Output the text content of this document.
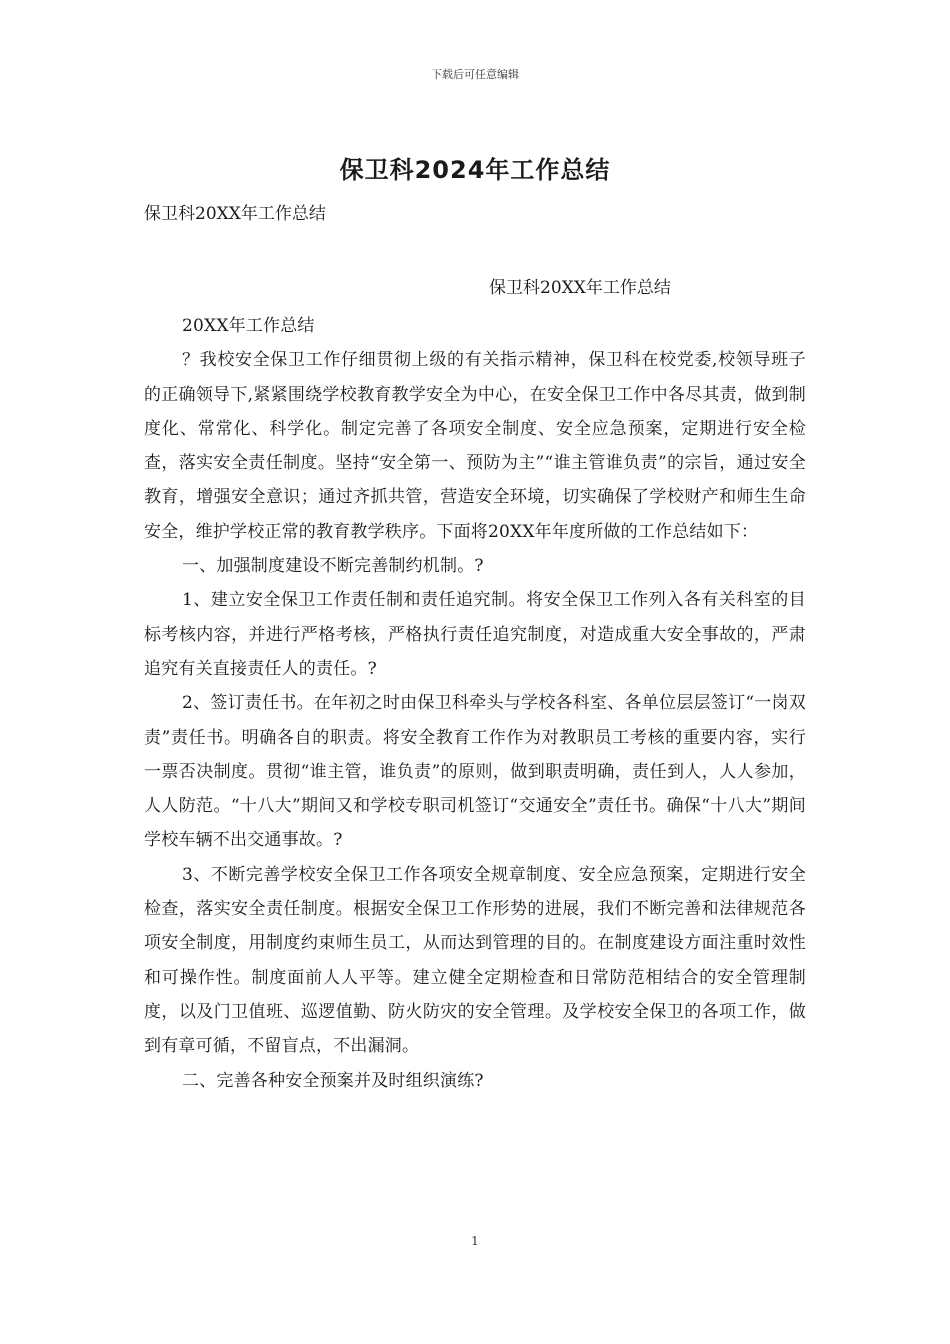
下载后可任意编辑
保卫科2024年工作总结
保卫科20XX年工作总结
保卫科20XX年工作总结

20XX年工作总结

？我校安全保卫工作仔细贯彻上级的有关指示精神，保卫科在校党委,校领导班子的正确领导下,紧紧围绕学校教育教学安全为中心，在安全保卫工作中各尽其责，做到制度化、常常化、科学化。制定完善了各项安全制度、安全应急预案，定期进行安全检查，落实安全责任制度。坚持“安全第一、预防为主”“谁主管谁负责”的宗旨，通过安全教育，增强安全意识；通过齐抓共管，营造安全环境，切实确保了学校财产和师生生命安全，维护学校正常的教育教学秩序。下面将20XX年年度所做的工作总结如下：

一、加强制度建设不断完善制约机制。?

1、建立安全保卫工作责任制和责任追究制。将安全保卫工作列入各有关科室的目标考核内容，并进行严格考核，严格执行责任追究制度，对造成重大安全事故的，严肃追究有关直接责任人的责任。?

2、签订责任书。在年初之时由保卫科牵头与学校各科室、各单位层层签订“一岗双责”责任书。明确各自的职责。将安全教育工作作为对教职员工考核的重要内容，实行一票否决制度。贯彻“谁主管，谁负责”的原则，做到职责明确，责任到人，人人参加，人人防范。“十八大”期间又和学校专职司机签订“交通安全”责任书。确保“十八大”期间学校车辆不出交通事故。?

3、不断完善学校安全保卫工作各项安全规章制度、安全应急预案，定期进行安全检查，落实安全责任制度。根据安全保卫工作形势的进展，我们不断完善和法律规范各项安全制度，用制度约束师生员工，从而达到管理的目的。在制度建设方面注重时效性和可操作性。制度面前人人平等。建立健全定期检查和日常防范相结合的安全管理制度，以及门卫值班、巡逻值勤、防火防灾的安全管理。及学校安全保卫的各项工作，做到有章可循，不留盲点，不出漏洞。

二、完善各种安全预案并及时组织演练?

1
